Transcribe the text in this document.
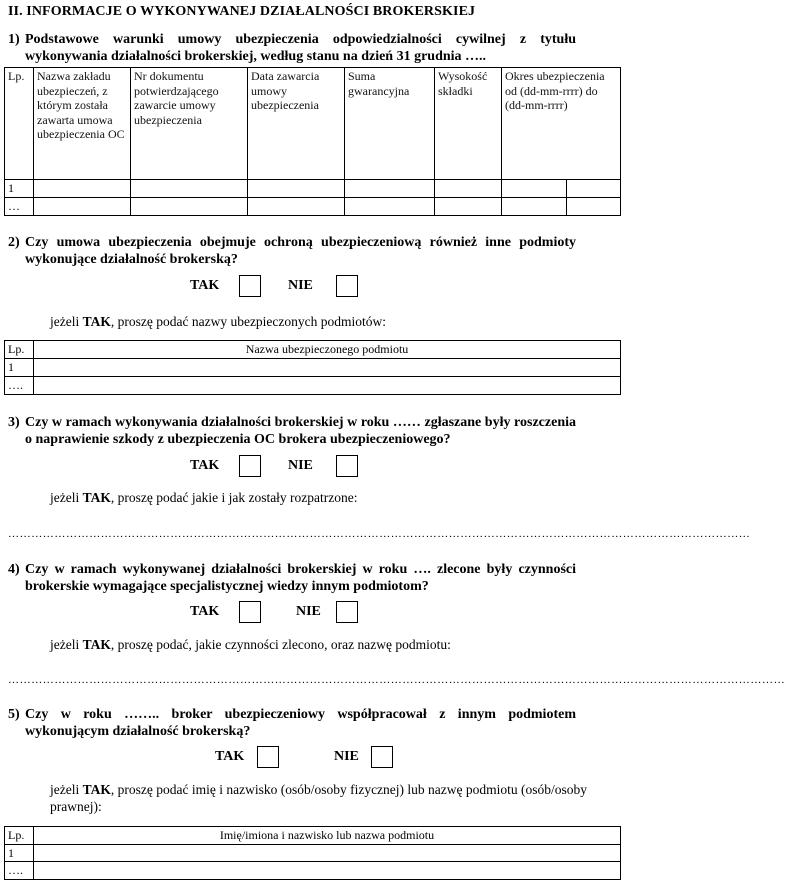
II. INFORMACJE O WYKONYWANEJ DZIAŁALNOŚCI BROKERSKIEJ
1) Podstawowe warunki umowy ubezpieczenia odpowiedzialności cywilnej z tytułu wykonywania działalności brokerskiej, według stanu na dzień 31 grudnia …..
Lp.	Nazwa zakładu ubezpieczeń, z którym została zawarta umowa ubezpieczenia OC	Nr dokumentu potwierdzającego zawarcie umowy ubezpieczenia	Data zawarcia umowy ubezpieczenia	Suma gwarancyjna	Wysokość składki	Okres ubezpieczenia od (dd-mm-rrrr) do (dd-mm-rrrr)	
1							
…							
2) Czy umowa ubezpieczenia obejmuje ochroną ubezpieczeniową również inne podmioty wykonujące działalność brokerską?
TAK	NIE
jeżeli TAK, proszę podać nazwy ubezpieczonych podmiotów:
Lp.	Nazwa ubezpieczonego podmiotu
1	
….	
3) Czy w ramach wykonywania działalności brokerskiej w roku …… zgłaszane były roszczenia o naprawienie szkody z ubezpieczenia OC brokera ubezpieczeniowego?
TAK	NIE
jeżeli TAK, proszę podać jakie i jak zostały rozpatrzone:
…………………………………………………………………………………………………………………………………………………………………………
4) Czy w ramach wykonywanej działalności brokerskiej w roku …. zlecone były czynności brokerskie wymagające specjalistycznej wiedzy innym podmiotom?
TAK	NIE
jeżeli TAK, proszę podać, jakie czynności zlecono, oraz nazwę podmiotu:
…………………………………………………………………………………………………………………………………………………………………………………
5) Czy w roku …….. broker ubezpieczeniowy współpracował z innym podmiotem wykonującym działalność brokerską?
TAK	NIE
jeżeli TAK, proszę podać imię i nazwisko (osób/osoby fizycznej) lub nazwę podmiotu (osób/osoby prawnej):
Lp.	Imię/imiona i nazwisko lub nazwa podmiotu
1	
….	
